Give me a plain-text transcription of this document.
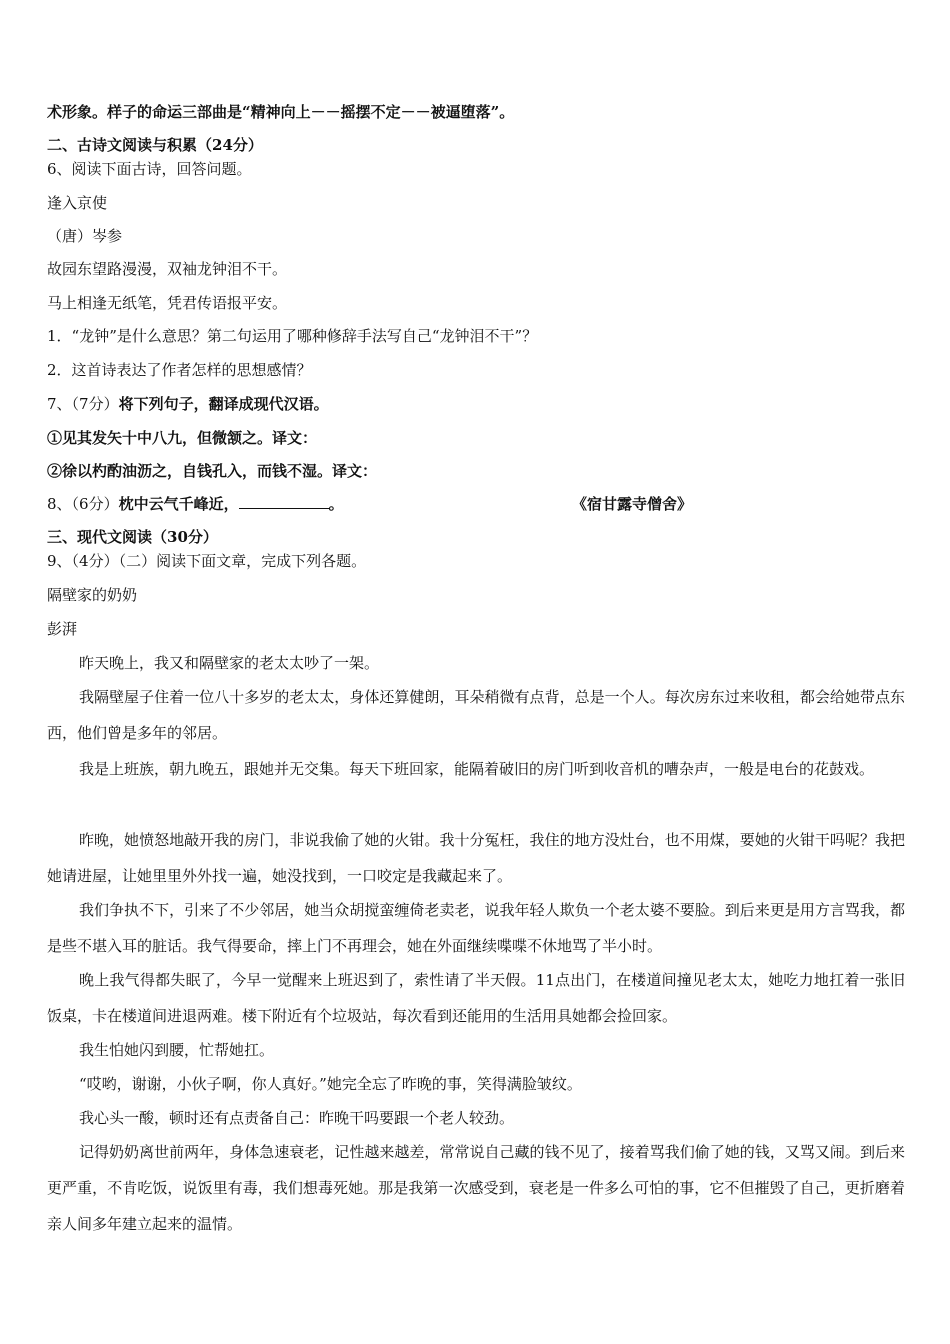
术形象。样子的命运三部曲是“精神向上－－摇摆不定－－被逼堕落”。
二、古诗文阅读与积累（24分）
6、阅读下面古诗，回答问题。
逢入京使
（唐）岑参
故园东望路漫漫，双袖龙钟泪不干。
马上相逢无纸笔，凭君传语报平安。
1．“龙钟”是什么意思？第二句运用了哪种修辞手法写自己“龙钟泪不干”？
2．这首诗表达了作者怎样的思想感情？
7、（7分）将下列句子，翻译成现代汉语。
①见其发矢十中八九，但微颔之。译文：
②徐以杓酌油沥之，自钱孔入，而钱不湿。译文：
8、（6分）枕中云气千峰近，	。	《宿甘露寺僧舍》
三、现代文阅读（30分）
9、（4分）（二）阅读下面文章，完成下列各题。
隔壁家的奶奶
彭湃
昨天晚上，我又和隔壁家的老太太吵了一架。
我隔壁屋子住着一位八十多岁的老太太，身体还算健朗，耳朵稍微有点背，总是一个人。每次房东过来收租，都会给她带点东西，他们曾是多年的邻居。
我是上班族，朝九晚五，跟她并无交集。每天下班回家，能隔着破旧的房门听到收音机的嘈杂声，一般是电台的花鼓戏。
昨晚，她愤怒地敲开我的房门，非说我偷了她的火钳。我十分冤枉，我住的地方没灶台，也不用煤，要她的火钳干吗呢？我把她请进屋，让她里里外外找一遍，她没找到，一口咬定是我藏起来了。
我们争执不下，引来了不少邻居，她当众胡搅蛮缠倚老卖老，说我年轻人欺负一个老太婆不要脸。到后来更是用方言骂我，都是些不堪入耳的脏话。我气得要命，摔上门不再理会，她在外面继续喋喋不休地骂了半小时。
晚上我气得都失眠了，今早一觉醒来上班迟到了，索性请了半天假。11点出门，在楼道间撞见老太太，她吃力地扛着一张旧饭桌，卡在楼道间进退两难。楼下附近有个垃圾站，每次看到还能用的生活用具她都会捡回家。
我生怕她闪到腰，忙帮她扛。
“哎哟，谢谢，小伙子啊，你人真好。”她完全忘了昨晚的事，笑得满脸皱纹。
我心头一酸，顿时还有点责备自己：昨晚干吗要跟一个老人较劲。
记得奶奶离世前两年，身体急速衰老，记性越来越差，常常说自己藏的钱不见了，接着骂我们偷了她的钱，又骂又闹。到后来更严重，不肯吃饭，说饭里有毒，我们想毒死她。那是我第一次感受到，衰老是一件多么可怕的事，它不但摧毁了自己，更折磨着亲人间多年建立起来的温情。
